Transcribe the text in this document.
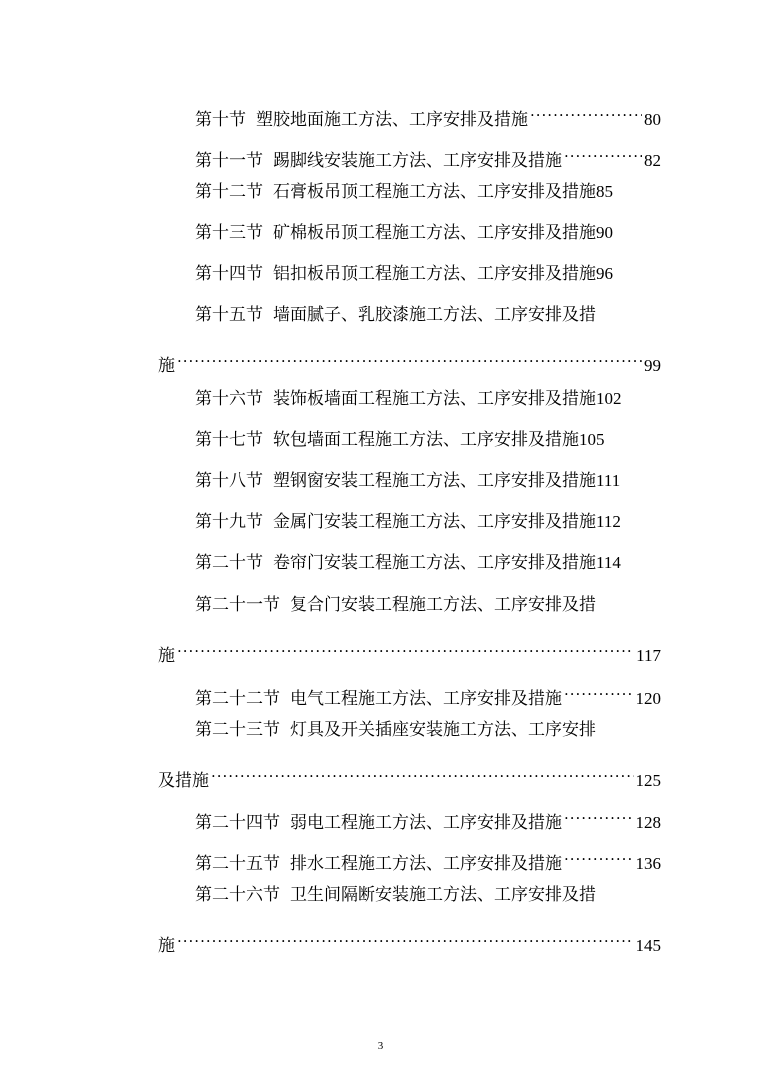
第十节 塑胶地面施工方法、工序安排及措施 .....	80
第十一节 踢脚线安装施工方法、工序安排及措施 .....	82
第十二节 石膏板吊顶工程施工方法、工序安排及措施 85
第十三节 矿棉板吊顶工程施工方法、工序安排及措施 90
第十四节 铝扣板吊顶工程施工方法、工序安排及措施 96
第十五节 墙面腻子、乳胶漆施工方法、工序安排及措
施 .....	99
第十六节 装饰板墙面工程施工方法、工序安排及措施 102
第十七节 软包墙面工程施工方法、工序安排及措施 105
第十八节 塑钢窗安装工程施工方法、工序安排及措施 111
第十九节 金属门安装工程施工方法、工序安排及措施 112
第二十节 卷帘门安装工程施工方法、工序安排及措施 114
第二十一节 复合门安装工程施工方法、工序安排及措
施 .....	117
第二十二节 电气工程施工方法、工序安排及措施 .....	120
第二十三节 灯具及开关插座安装施工方法、工序安排
及措施 .....	125
第二十四节 弱电工程施工方法、工序安排及措施 .....	128
第二十五节 排水工程施工方法、工序安排及措施 .....	136
第二十六节 卫生间隔断安装施工方法、工序安排及措
施 .....	145
3
